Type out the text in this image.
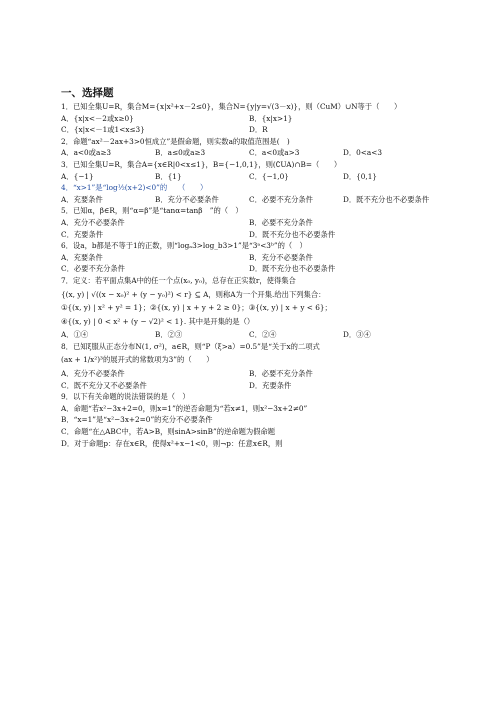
一、选择题

1．已知全集U=R，集合M={x|x²+x－2≤0}，集合N={y|y=√(3－x)}，则（CuM）∪N等于（　　）

A．{x|x<－2或x≥0}	B．{x|x>1}
C．{x|x<－1或1<x≤3}	D．R

2．命题“ax²－2ax+3>0恒成立”是假命题，则实数a的取值范围是(　)

A．a<0或a≥3	B．a≤0或a≥3	C．a<0或a>3	D．0<a<3

3．已知全集U=R，集合A={x∈R|0<x≤1}，B={−1,0,1}，则(∁UA)∩B=（　　）

A．{−1}	B．{1}	C．{−1,0}	D．{0,1}

4．“x>1”是“log½(x+2)<0”的　　（　　）

A．充要条件	B．充分不必要条件	C．必要不充分条件	D．既不充分也不必要条件

5．已知α，β∈R，则“α=β”是“tanα=tanβ　”的（　）

A．充分不必要条件	B．必要不充分条件
C．充要条件	D．既不充分也不必要条件

6．设a，b都是不等于1的正数，则“logₐ3>log_b3>1”是“3ᵃ<3ᵇ”的（　）

A．充要条件	B．充分不必要条件
C．必要不充分条件	D．既不充分也不必要条件

7．定义：若平面点集A中的任一个点(x₀, y₀)，总存在正实数r，使得集合

{(x, y) | √((x − x₀)² + (y − y₀)²) < r} ⊆ A，则称A为一个开集.给出下列集合：

①{(x, y) | x² + y² = 1}；②{(x, y) | x + y + 2 ≥ 0}；③{(x, y) | x + y < 6}；

④{(x, y) | 0 < x² + (y − √2)² < 1}. 其中是开集的是（）

A．①④	B．②③	C．②④	D．③④

8．已知ξ服从正态分布N(1, σ²)，a∈R，则“P（ξ>a）=0.5”是“关于x的二项式

(ax + 1/x²)³的展开式的常数项为3”的（　　）

A．充分不必要条件	B．必要不充分条件
C．既不充分又不必要条件	D．充要条件

9．以下有关命题的说法错误的是（　）

A．命题“若x²−3x+2=0，则x=1”的逆否命题为“若x≠1，则x²−3x+2≠0”

B．“x=1”是“x²−3x+2=0”的充分不必要条件

C．命题“在△ABC中，若A>B，则sinA>sinB”的逆命题为假命题

D．对于命题p：存在x∈R，使得x²+x−1<0，则¬p：任意x∈R，则
